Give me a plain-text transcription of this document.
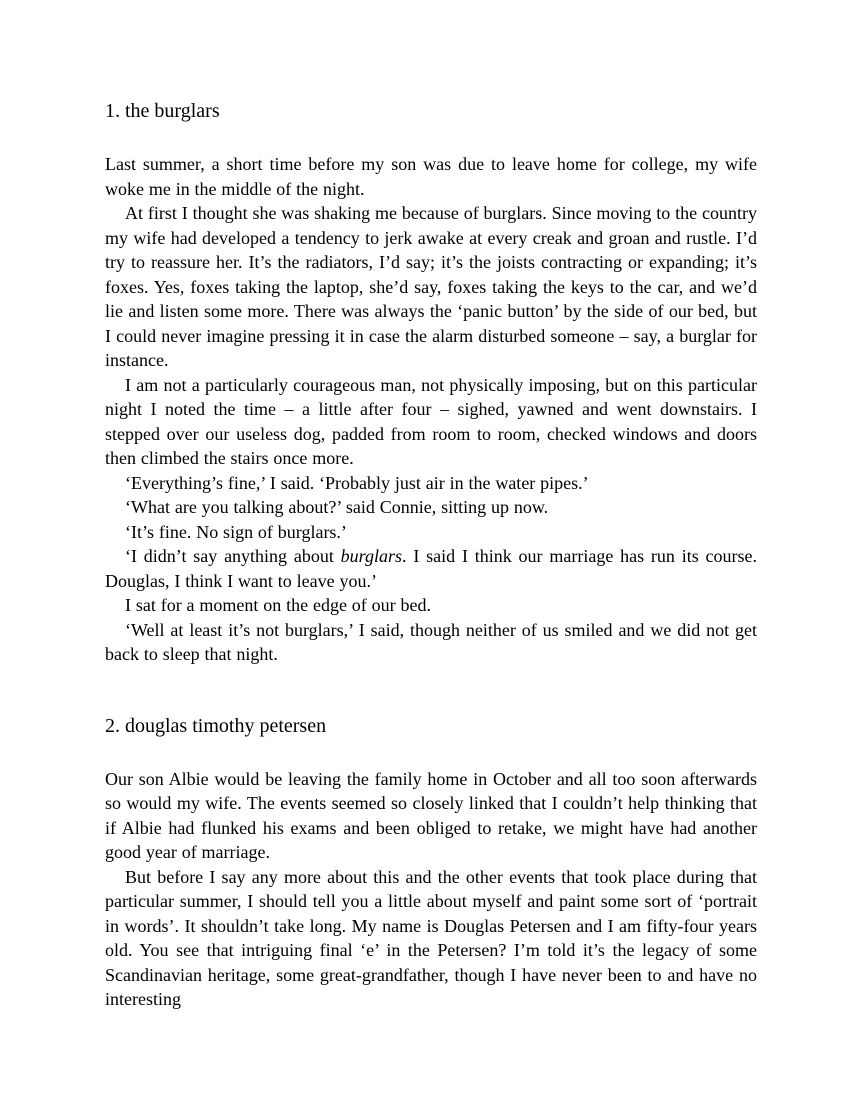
1. the burglars

Last summer, a short time before my son was due to leave home for college, my wife woke me in the middle of the night.

At first I thought she was shaking me because of burglars. Since moving to the country my wife had developed a tendency to jerk awake at every creak and groan and rustle. I’d try to reassure her. It’s the radiators, I’d say; it’s the joists contracting or expanding; it’s foxes. Yes, foxes taking the laptop, she’d say, foxes taking the keys to the car, and we’d lie and listen some more. There was always the ‘panic button’ by the side of our bed, but I could never imagine pressing it in case the alarm disturbed someone – say, a burglar for instance.

I am not a particularly courageous man, not physically imposing, but on this particular night I noted the time – a little after four – sighed, yawned and went downstairs. I stepped over our useless dog, padded from room to room, checked windows and doors then climbed the stairs once more.

‘Everything’s fine,’ I said. ‘Probably just air in the water pipes.’

‘What are you talking about?’ said Connie, sitting up now.

‘It’s fine. No sign of burglars.’

‘I didn’t say anything about burglars. I said I think our marriage has run its course. Douglas, I think I want to leave you.’

I sat for a moment on the edge of our bed.

‘Well at least it’s not burglars,’ I said, though neither of us smiled and we did not get back to sleep that night.

2. douglas timothy petersen

Our son Albie would be leaving the family home in October and all too soon afterwards so would my wife. The events seemed so closely linked that I couldn’t help thinking that if Albie had flunked his exams and been obliged to retake, we might have had another good year of marriage.

But before I say any more about this and the other events that took place during that particular summer, I should tell you a little about myself and paint some sort of ‘portrait in words’. It shouldn’t take long. My name is Douglas Petersen and I am fifty-four years old. You see that intriguing final ‘e’ in the Petersen? I’m told it’s the legacy of some Scandinavian heritage, some great-grandfather, though I have never been to and have no interesting
